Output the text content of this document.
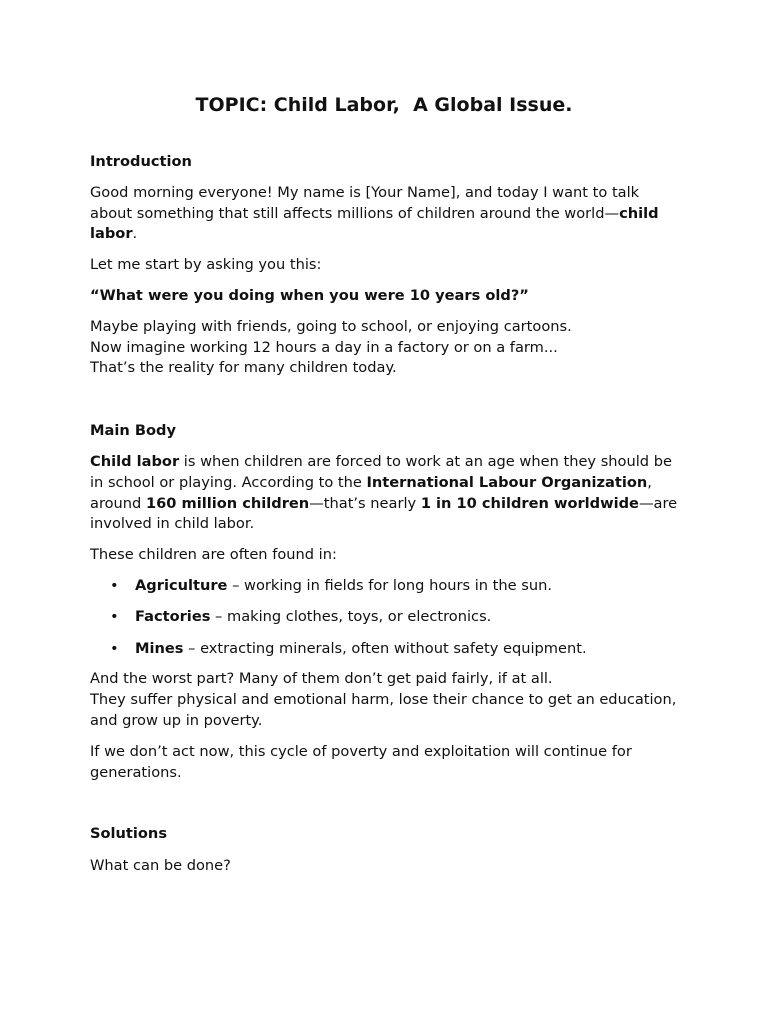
TOPIC: Child Labor,  A Global Issue.

Introduction

Good morning everyone! My name is [Your Name], and today I want to talk about something that still affects millions of children around the world—child labor.

Let me start by asking you this:

“What were you doing when you were 10 years old?”

Maybe playing with friends, going to school, or enjoying cartoons.
Now imagine working 12 hours a day in a factory or on a farm...
That’s the reality for many children today.

Main Body

Child labor is when children are forced to work at an age when they should be in school or playing. According to the International Labour Organization, around 160 million children—that’s nearly 1 in 10 children worldwide—are involved in child labor.

These children are often found in:

• Agriculture – working in fields for long hours in the sun.
• Factories – making clothes, toys, or electronics.
• Mines – extracting minerals, often without safety equipment.

And the worst part? Many of them don’t get paid fairly, if at all.
They suffer physical and emotional harm, lose their chance to get an education, and grow up in poverty.

If we don’t act now, this cycle of poverty and exploitation will continue for generations.

Solutions

What can be done?
